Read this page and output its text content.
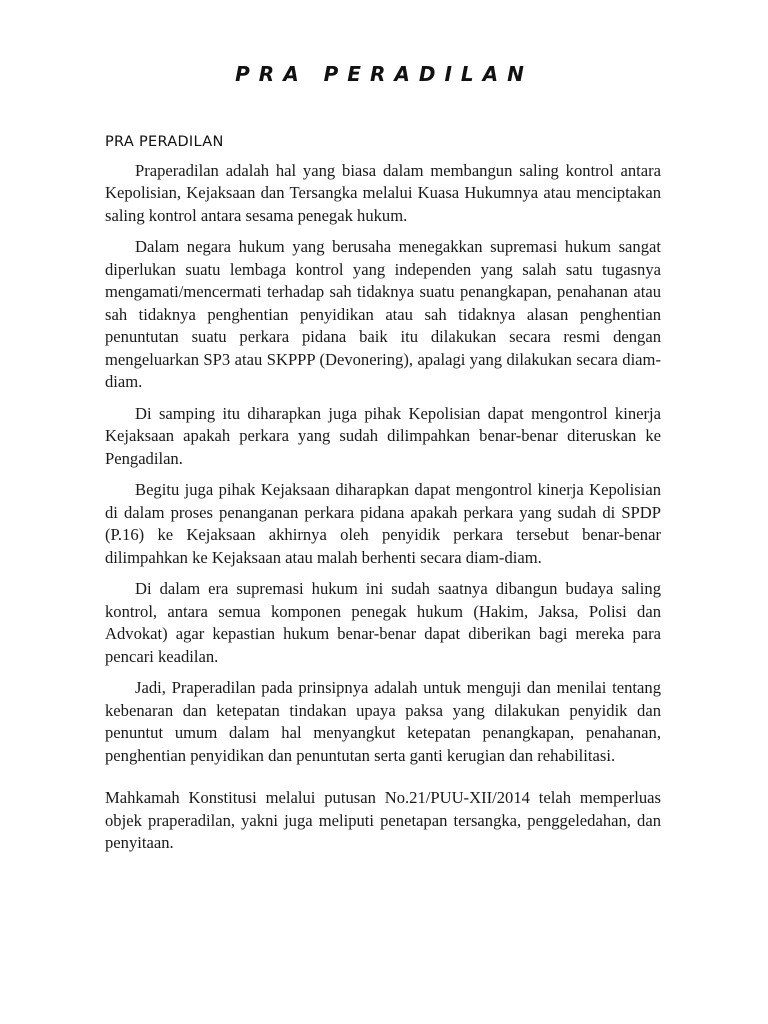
PRA PERADILAN
PRA PERADILAN

Praperadilan adalah hal yang biasa dalam membangun saling kontrol antara Kepolisian, Kejaksaan dan Tersangka melalui Kuasa Hukumnya atau menciptakan saling kontrol antara sesama penegak hukum.

Dalam negara hukum yang berusaha menegakkan supremasi hukum sangat diperlukan suatu lembaga kontrol yang independen yang salah satu tugasnya mengamati/mencermati terhadap sah tidaknya suatu penangkapan, penahanan atau sah tidaknya penghentian penyidikan atau sah tidaknya alasan penghentian penuntutan suatu perkara pidana baik itu dilakukan secara resmi dengan mengeluarkan SP3 atau SKPPP (Devonering), apalagi yang dilakukan secara diam-diam.

Di samping itu diharapkan juga pihak Kepolisian dapat mengontrol kinerja Kejaksaan apakah perkara yang sudah dilimpahkan benar-benar diteruskan ke Pengadilan.

Begitu juga pihak Kejaksaan diharapkan dapat mengontrol kinerja Kepolisian di dalam proses penanganan perkara pidana apakah perkara yang sudah di SPDP (P.16) ke Kejaksaan akhirnya oleh penyidik perkara tersebut benar-benar dilimpahkan ke Kejaksaan atau malah berhenti secara diam-diam.

Di dalam era supremasi hukum ini sudah saatnya dibangun budaya saling kontrol, antara semua komponen penegak hukum (Hakim, Jaksa, Polisi dan Advokat) agar kepastian hukum benar-benar dapat diberikan bagi mereka para pencari keadilan.

Jadi, Praperadilan pada prinsipnya adalah untuk menguji dan menilai tentang kebenaran dan ketepatan tindakan upaya paksa yang dilakukan penyidik dan penuntut umum dalam hal menyangkut ketepatan penangkapan, penahanan, penghentian penyidikan dan penuntutan serta ganti kerugian dan rehabilitasi.

Mahkamah Konstitusi melalui putusan No.21/PUU-XII/2014 telah memperluas objek praperadilan, yakni juga meliputi penetapan tersangka, penggeledahan, dan penyitaan.
